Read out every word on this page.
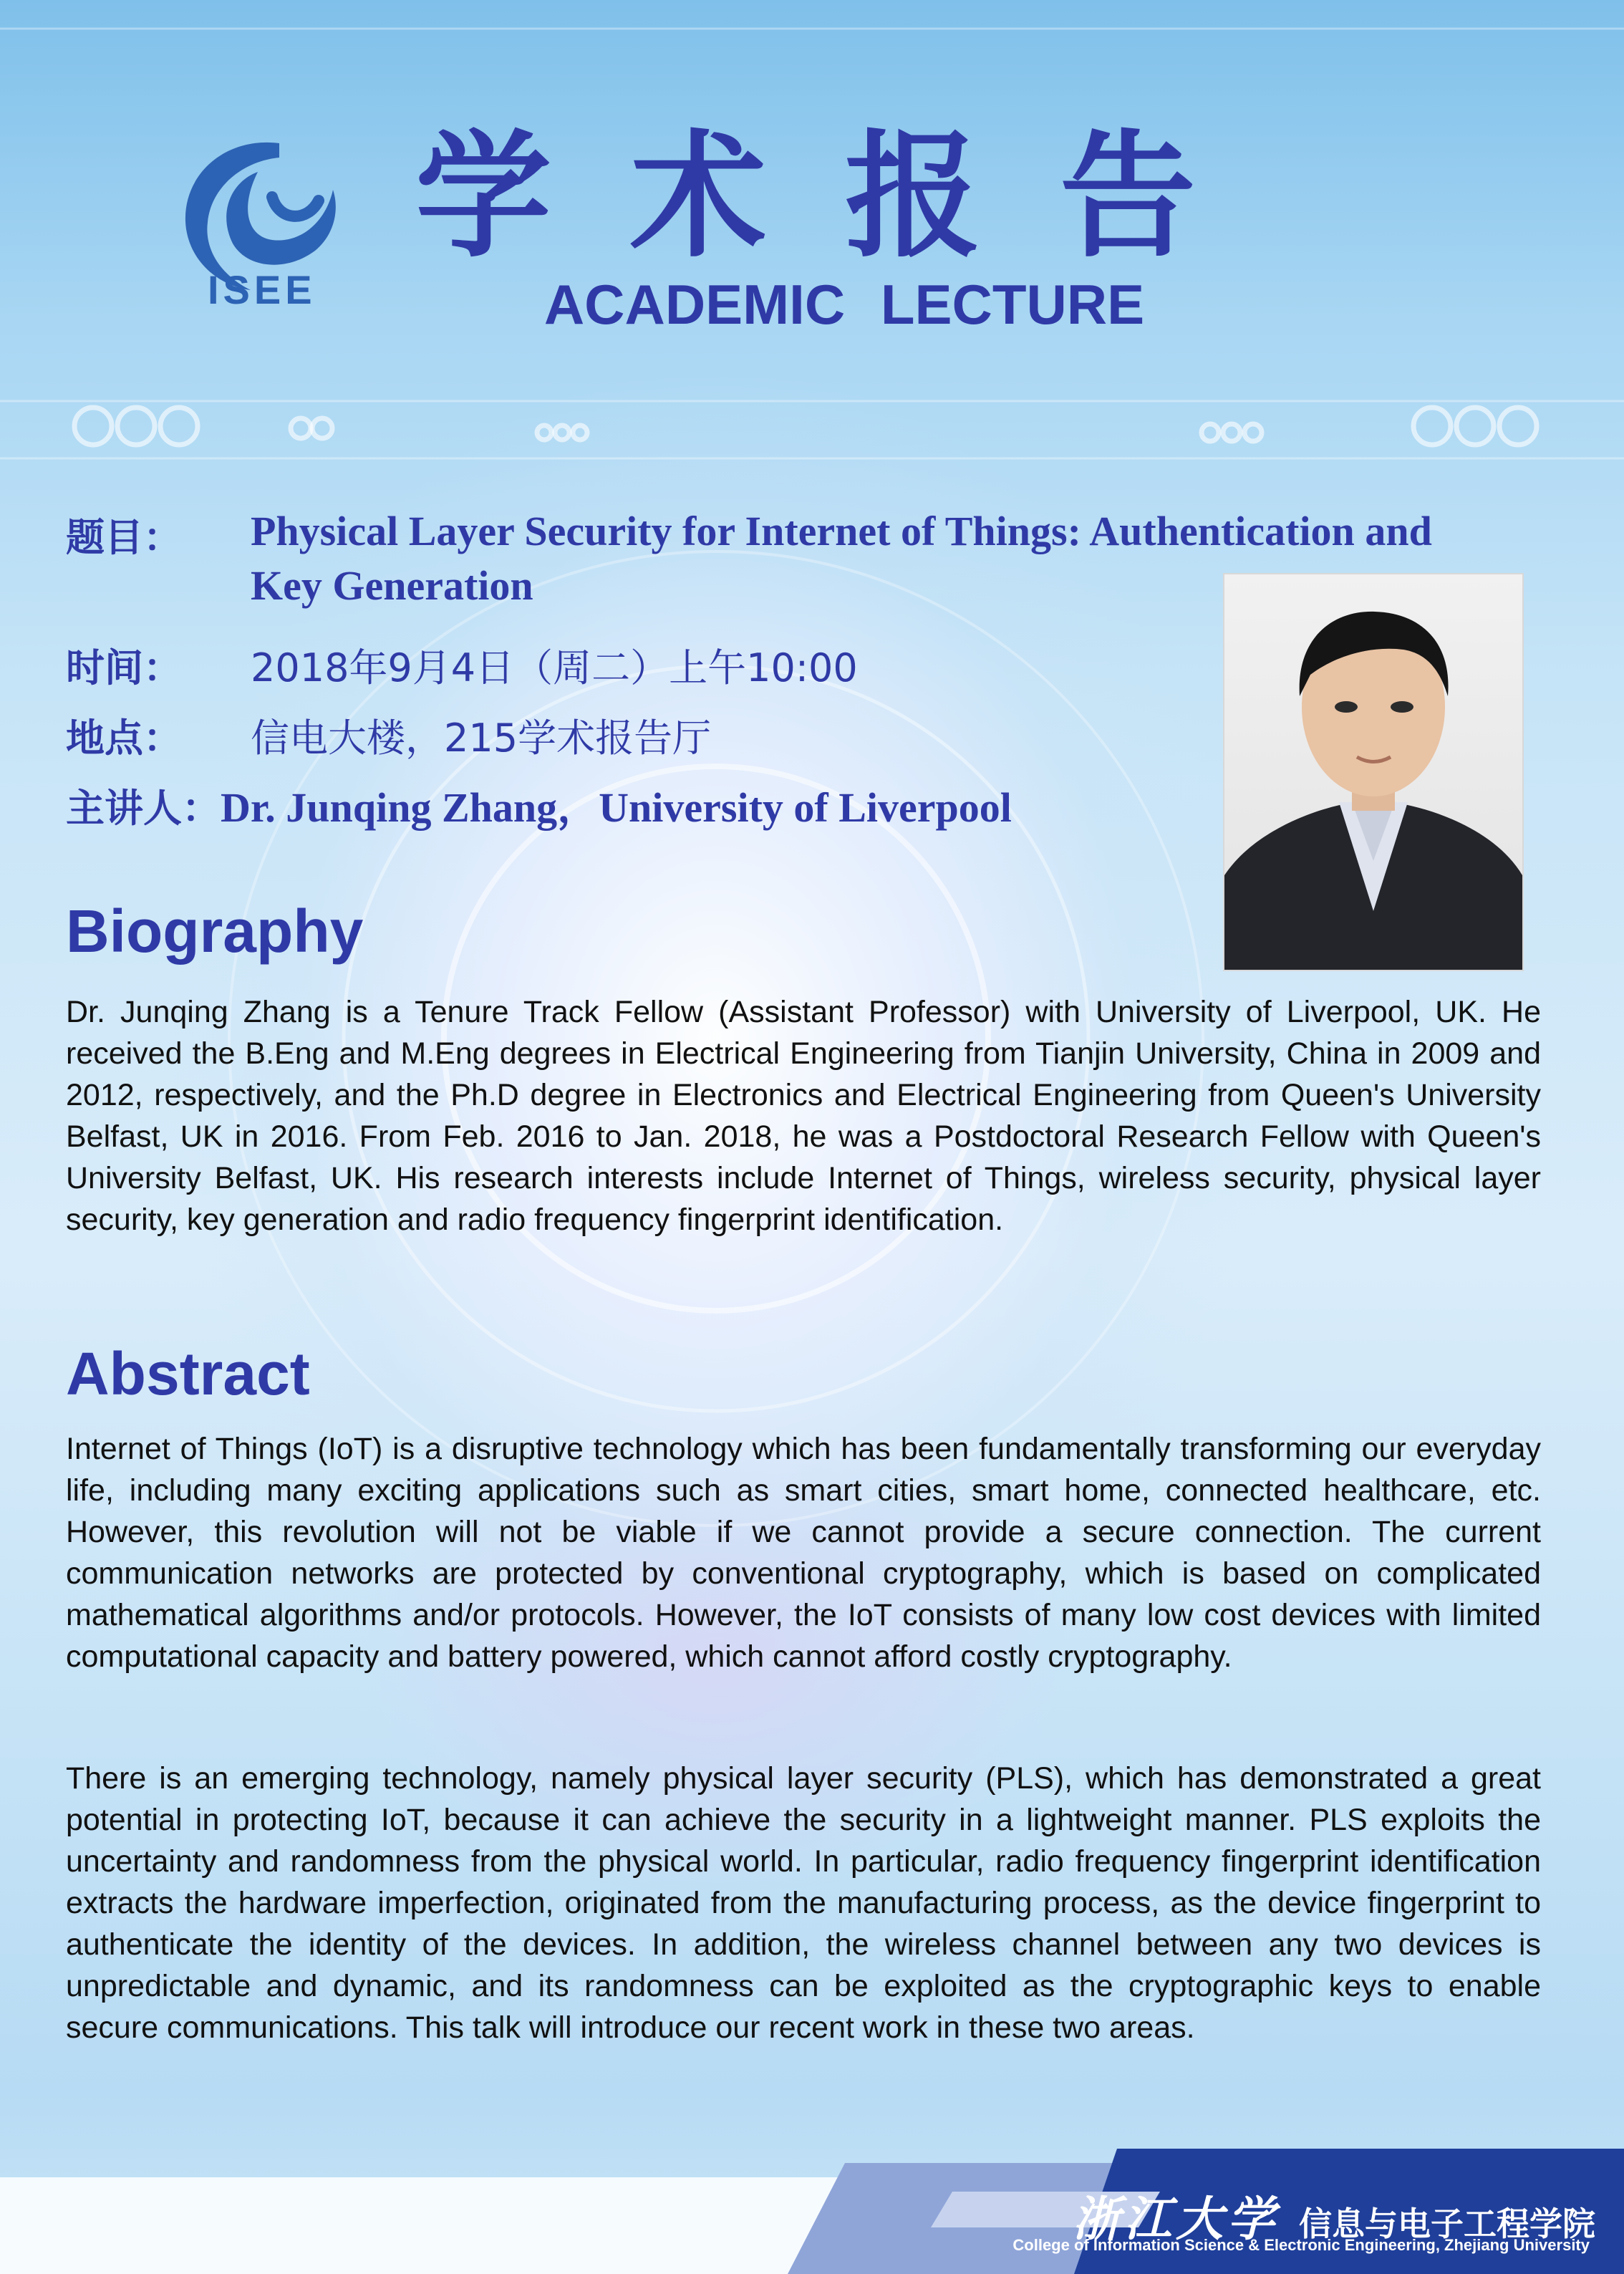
ISEE
学术报告
ACADEMIC LECTURE
题目： Physical Layer Security for Internet of Things: Authentication and
Key Generation
时间： 2018年9月4日（周二）上午10:00
地点： 信电大楼，215学术报告厅
主讲人：Dr. Junqing Zhang，University of Liverpool
Biography

Dr. Junqing Zhang is a Tenure Track Fellow (Assistant Professor) with University of Liverpool, UK. He received the B.Eng and M.Eng degrees in Electrical Engineering from Tianjin University, China in 2009 and 2012, respectively, and the Ph.D degree in Electronics and Electrical Engineering from Queen's University Belfast, UK in 2016. From Feb. 2016 to Jan. 2018, he was a Postdoctoral Research Fellow with Queen's University Belfast, UK. His research interests include Internet of Things, wireless security, physical layer security, key generation and radio frequency fingerprint identification.

Abstract

Internet of Things (IoT) is a disruptive technology which has been fundamentally transforming our everyday life, including many exciting applications such as smart cities, smart home, connected healthcare, etc. However, this revolution will not be viable if we cannot provide a secure connection. The current communication networks are protected by conventional cryptography, which is based on complicated mathematical algorithms and/or protocols. However, the IoT consists of many low cost devices with limited computational capacity and battery powered, which cannot afford costly cryptography.

There is an emerging technology, namely physical layer security (PLS), which has demonstrated a great potential in protecting IoT, because it can achieve the security in a lightweight manner. PLS exploits the uncertainty and randomness from the physical world. In particular, radio frequency fingerprint identification extracts the hardware imperfection, originated from the manufacturing process, as the device fingerprint to authenticate the identity of the devices. In addition, the wireless channel between any two devices is unpredictable and dynamic, and its randomness can be exploited as the cryptographic keys to enable secure communications. This talk will introduce our recent work in these two areas.

浙江大学 信息与电子工程学院
College of Information Science & Electronic Engineering, Zhejiang University
